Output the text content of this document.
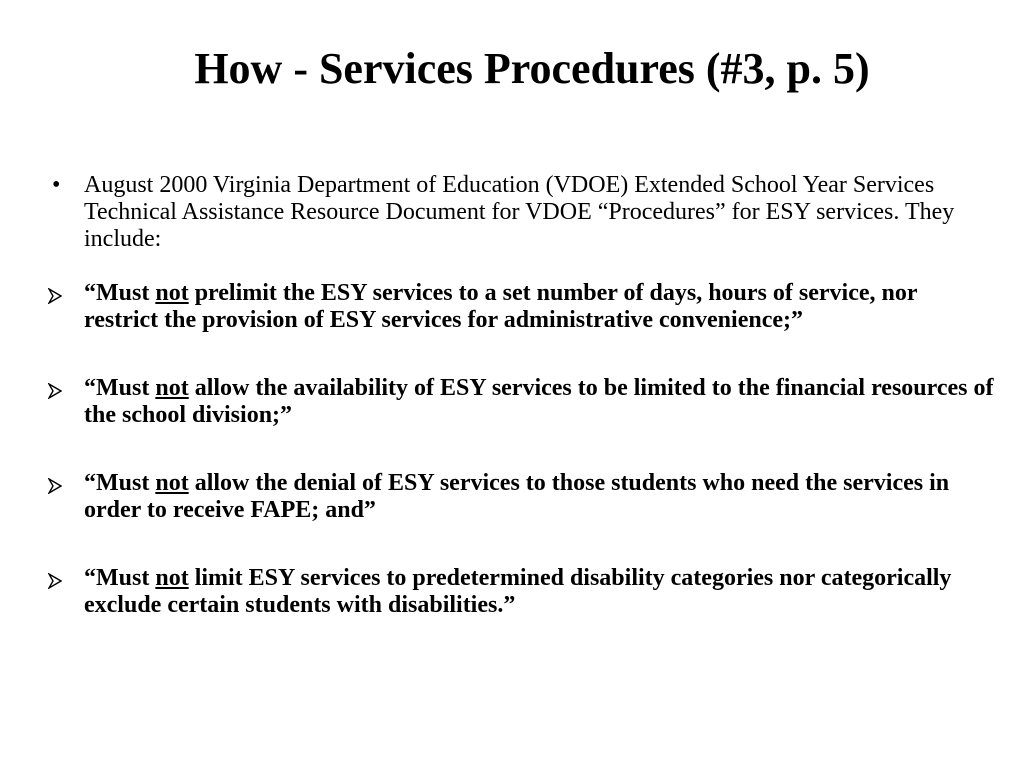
How - Services Procedures (#3, p. 5)
• August 2000 Virginia Department of Education (VDOE) Extended School Year Services Technical Assistance Resource Document for VDOE “Procedures” for ESY services. They include:
“Must not prelimit the ESY services to a set number of days, hours of service, nor restrict the provision of ESY services for administrative convenience;”
“Must not allow the availability of ESY services to be limited to the financial resources of the school division;”
“Must not allow the denial of ESY services to those students who need the services in order to receive FAPE; and”
“Must not limit ESY services to predetermined disability categories nor categorically exclude certain students with disabilities.”
